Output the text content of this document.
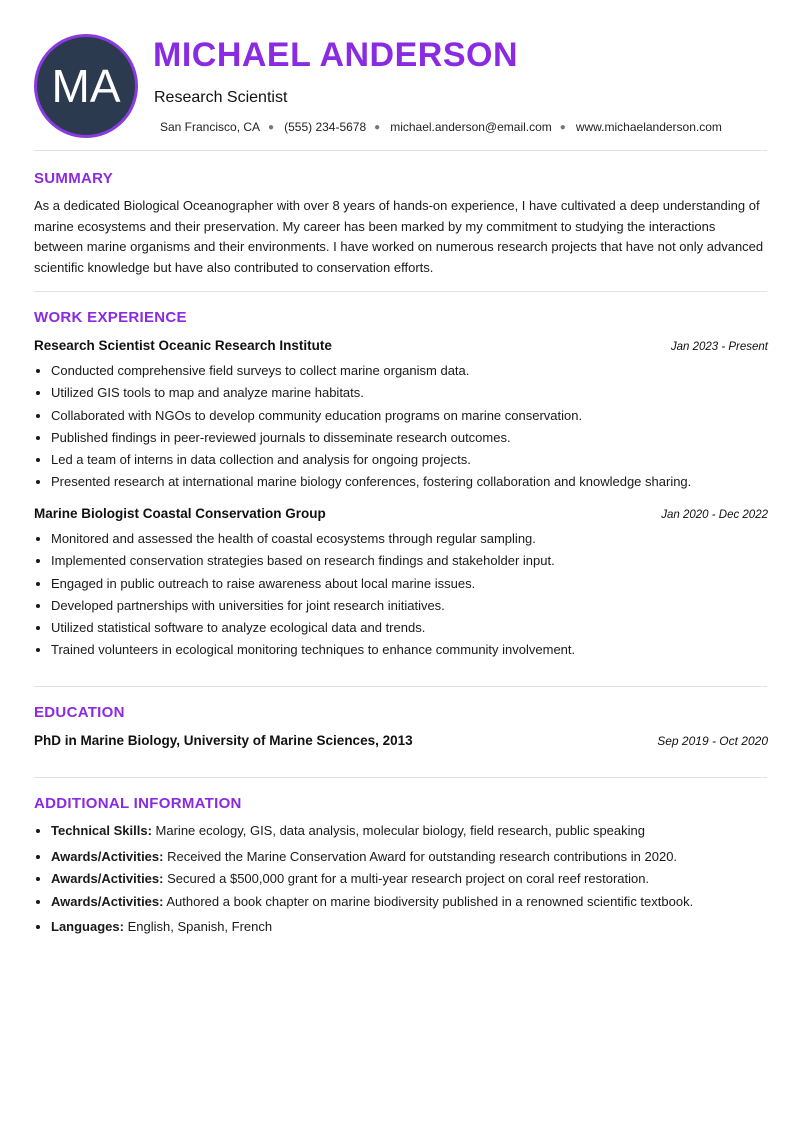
MA
MICHAEL ANDERSON
Research Scientist
San Francisco, CA ● (555) 234-5678 ● michael.anderson@email.com ● www.michaelanderson.com
SUMMARY
As a dedicated Biological Oceanographer with over 8 years of hands-on experience, I have cultivated a deep understanding of marine ecosystems and their preservation. My career has been marked by my commitment to studying the interactions between marine organisms and their environments. I have worked on numerous research projects that have not only advanced scientific knowledge but have also contributed to conservation efforts.
WORK EXPERIENCE
Research Scientist Oceanic Research Institute	Jan 2023 - Present
• Conducted comprehensive field surveys to collect marine organism data.
• Utilized GIS tools to map and analyze marine habitats.
• Collaborated with NGOs to develop community education programs on marine conservation.
• Published findings in peer-reviewed journals to disseminate research outcomes.
• Led a team of interns in data collection and analysis for ongoing projects.
• Presented research at international marine biology conferences, fostering collaboration and knowledge sharing.
Marine Biologist Coastal Conservation Group	Jan 2020 - Dec 2022
• Monitored and assessed the health of coastal ecosystems through regular sampling.
• Implemented conservation strategies based on research findings and stakeholder input.
• Engaged in public outreach to raise awareness about local marine issues.
• Developed partnerships with universities for joint research initiatives.
• Utilized statistical software to analyze ecological data and trends.
• Trained volunteers in ecological monitoring techniques to enhance community involvement.
EDUCATION
PhD in Marine Biology, University of Marine Sciences, 2013	Sep 2019 - Oct 2020
ADDITIONAL INFORMATION
• Technical Skills: Marine ecology, GIS, data analysis, molecular biology, field research, public speaking
• Awards/Activities: Received the Marine Conservation Award for outstanding research contributions in 2020.
• Awards/Activities: Secured a $500,000 grant for a multi-year research project on coral reef restoration.
• Awards/Activities: Authored a book chapter on marine biodiversity published in a renowned scientific textbook.
• Languages: English, Spanish, French
